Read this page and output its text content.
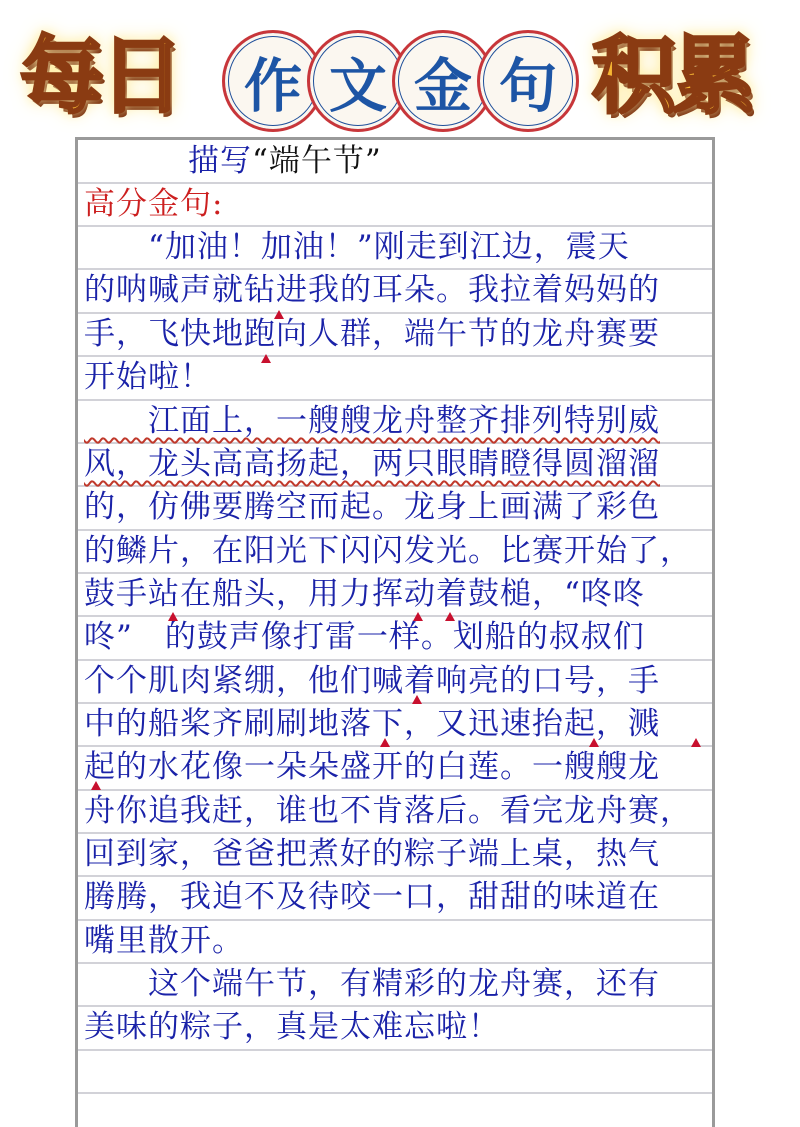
每日	作 文 金 句 积累
描写“端午节”
高分金句:
　　“加油！加油！”刚走到江边，震天
的呐喊声就钻进我的耳朵。我拉着妈妈的
手，飞快地跑向人群，端午节的龙舟赛要
开始啦！
　　江面上，一艘艘龙舟整齐排列特别威
风，龙头高高扬起，两只眼睛瞪得圆溜溜
的，仿佛要腾空而起。龙身上画满了彩色
的鳞片，在阳光下闪闪发光。比赛开始了，
鼓手站在船头，用力挥动着鼓槌，“咚咚
咚”　的鼓声像打雷一样。划船的叔叔们
个个肌肉紧绷，他们喊着响亮的口号，手
中的船桨齐刷刷地落下，又迅速抬起，溅
起的水花像一朵朵盛开的白莲。一艘艘龙
舟你追我赶，谁也不肯落后。看完龙舟赛，
回到家，爸爸把煮好的粽子端上桌，热气
腾腾，我迫不及待咬一口，甜甜的味道在
嘴里散开。
　　这个端午节，有精彩的龙舟赛，还有
美味的粽子，真是太难忘啦！
